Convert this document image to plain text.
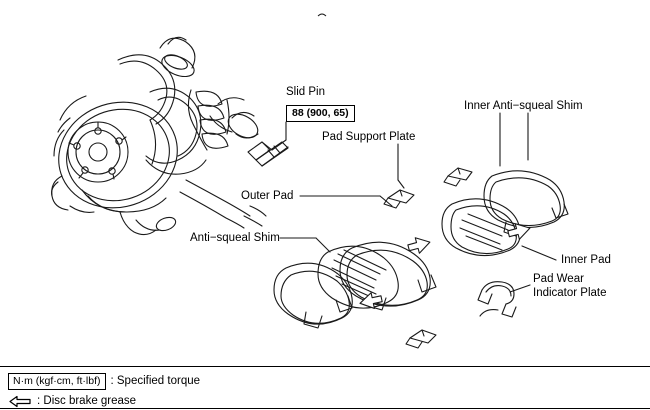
Slid Pin
88 (900, 65)
Pad Support Plate
Inner Anti−squeal Shim
Outer Pad
Anti−squeal Shim
Inner Pad
Pad Wear
Indicator Plate
N·m (kgf·cm, ft·lbf) : Specified torque
: Disc brake grease
